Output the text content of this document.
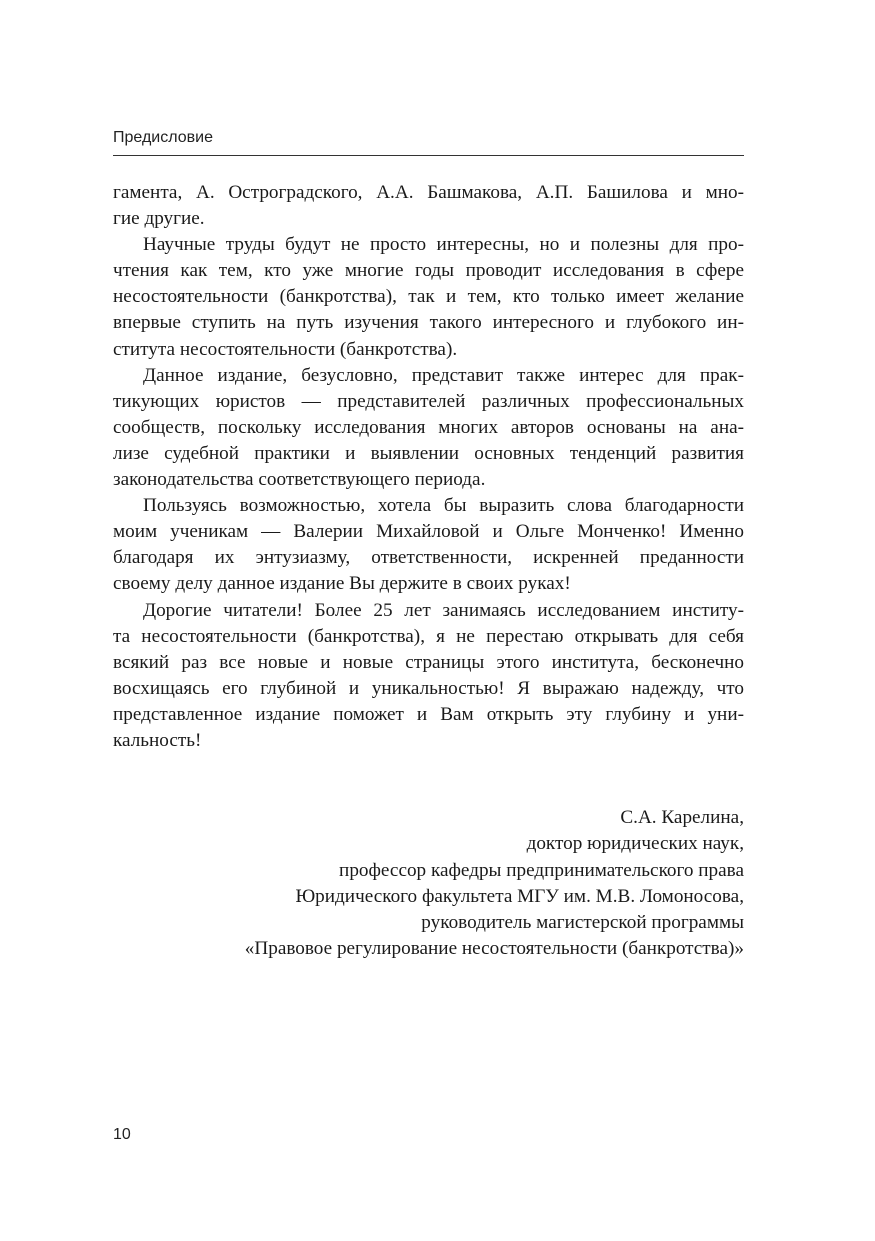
Предисловие
гамента, А. Остроградского, А.А. Башмакова, А.П. Башилова и мно-
гие другие.
Научные труды будут не просто интересны, но и полезны для про-
чтения как тем, кто уже многие годы проводит исследования в сфере
несостоятельности (банкротства), так и тем, кто только имеет желание
впервые ступить на путь изучения такого интересного и глубокого ин-
ститута несостоятельности (банкротства).
Данное издание, безусловно, представит также интерес для прак-
тикующих юристов — представителей различных профессиональных
сообществ, поскольку исследования многих авторов основаны на ана-
лизе судебной практики и выявлении основных тенденций развития
законодательства соответствующего периода.
Пользуясь возможностью, хотела бы выразить слова благодарности
моим ученикам — Валерии Михайловой и Ольге Монченко! Именно
благодаря их энтузиазму, ответственности, искренней преданности
своему делу данное издание Вы держите в своих руках!
Дорогие читатели! Более 25 лет занимаясь исследованием институ-
та несостоятельности (банкротства), я не перестаю открывать для себя
всякий раз все новые и новые страницы этого института, бесконечно
восхищаясь его глубиной и уникальностью! Я выражаю надежду, что
представленное издание поможет и Вам открыть эту глубину и уни-
кальность!
С.А. Карелина,
доктор юридических наук,
профессор кафедры предпринимательского права
Юридического факультета МГУ им. М.В. Ломоносова,
руководитель магистерской программы
«Правовое регулирование несостоятельности (банкротства)»
10
